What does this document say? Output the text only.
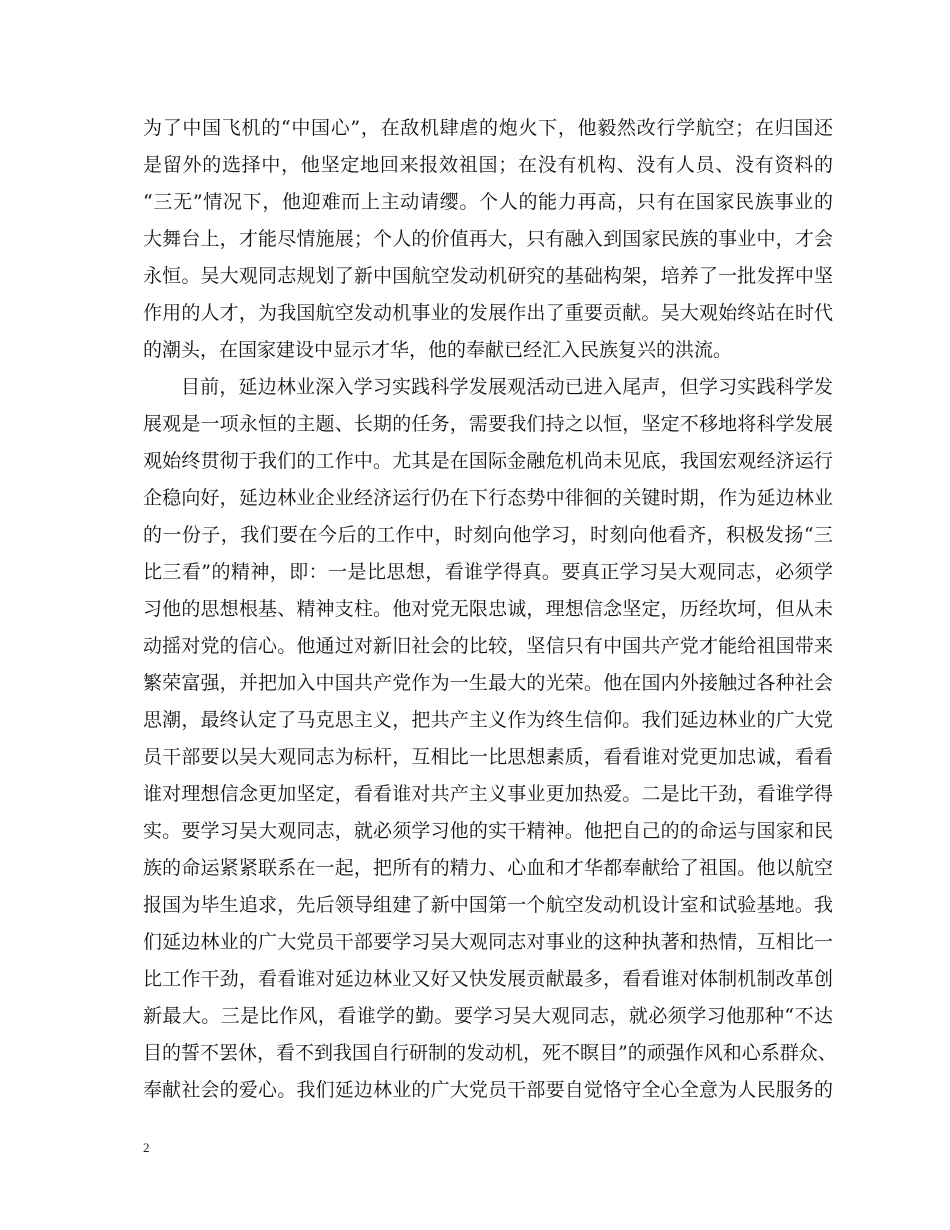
为了中国飞机的“中国心”，在敌机肆虐的炮火下，他毅然改行学航空；在归国还
是留外的选择中，他坚定地回来报效祖国；在没有机构、没有人员、没有资料的
“三无”情况下，他迎难而上主动请缨。个人的能力再高，只有在国家民族事业的
大舞台上，才能尽情施展；个人的价值再大，只有融入到国家民族的事业中，才会
永恒。吴大观同志规划了新中国航空发动机研究的基础构架，培养了一批发挥中坚
作用的人才，为我国航空发动机事业的发展作出了重要贡献。吴大观始终站在时代
的潮头，在国家建设中显示才华，他的奉献已经汇入民族复兴的洪流。
目前，延边林业深入学习实践科学发展观活动已进入尾声，但学习实践科学发
展观是一项永恒的主题、长期的任务，需要我们持之以恒，坚定不移地将科学发展
观始终贯彻于我们的工作中。尤其是在国际金融危机尚未见底，我国宏观经济运行
企稳向好，延边林业企业经济运行仍在下行态势中徘徊的关键时期，作为延边林业
的一份子，我们要在今后的工作中，时刻向他学习，时刻向他看齐，积极发扬“三
比三看”的精神，即：一是比思想，看谁学得真。要真正学习吴大观同志，必须学
习他的思想根基、精神支柱。他对党无限忠诚，理想信念坚定，历经坎坷，但从未
动摇对党的信心。他通过对新旧社会的比较，坚信只有中国共产党才能给祖国带来
繁荣富强，并把加入中国共产党作为一生最大的光荣。他在国内外接触过各种社会
思潮，最终认定了马克思主义，把共产主义作为终生信仰。我们延边林业的广大党
员干部要以吴大观同志为标杆，互相比一比思想素质，看看谁对党更加忠诚，看看
谁对理想信念更加坚定，看看谁对共产主义事业更加热爱。二是比干劲，看谁学得
实。要学习吴大观同志，就必须学习他的实干精神。他把自己的的命运与国家和民
族的命运紧紧联系在一起，把所有的精力、心血和才华都奉献给了祖国。他以航空
报国为毕生追求，先后领导组建了新中国第一个航空发动机设计室和试验基地。我
们延边林业的广大党员干部要学习吴大观同志对事业的这种执著和热情，互相比一
比工作干劲，看看谁对延边林业又好又快发展贡献最多，看看谁对体制机制改革创
新最大。三是比作风，看谁学的勤。要学习吴大观同志，就必须学习他那种“不达
目的誓不罢休，看不到我国自行研制的发动机，死不瞑目”的顽强作风和心系群众、
奉献社会的爱心。我们延边林业的广大党员干部要自觉恪守全心全意为人民服务的
2
